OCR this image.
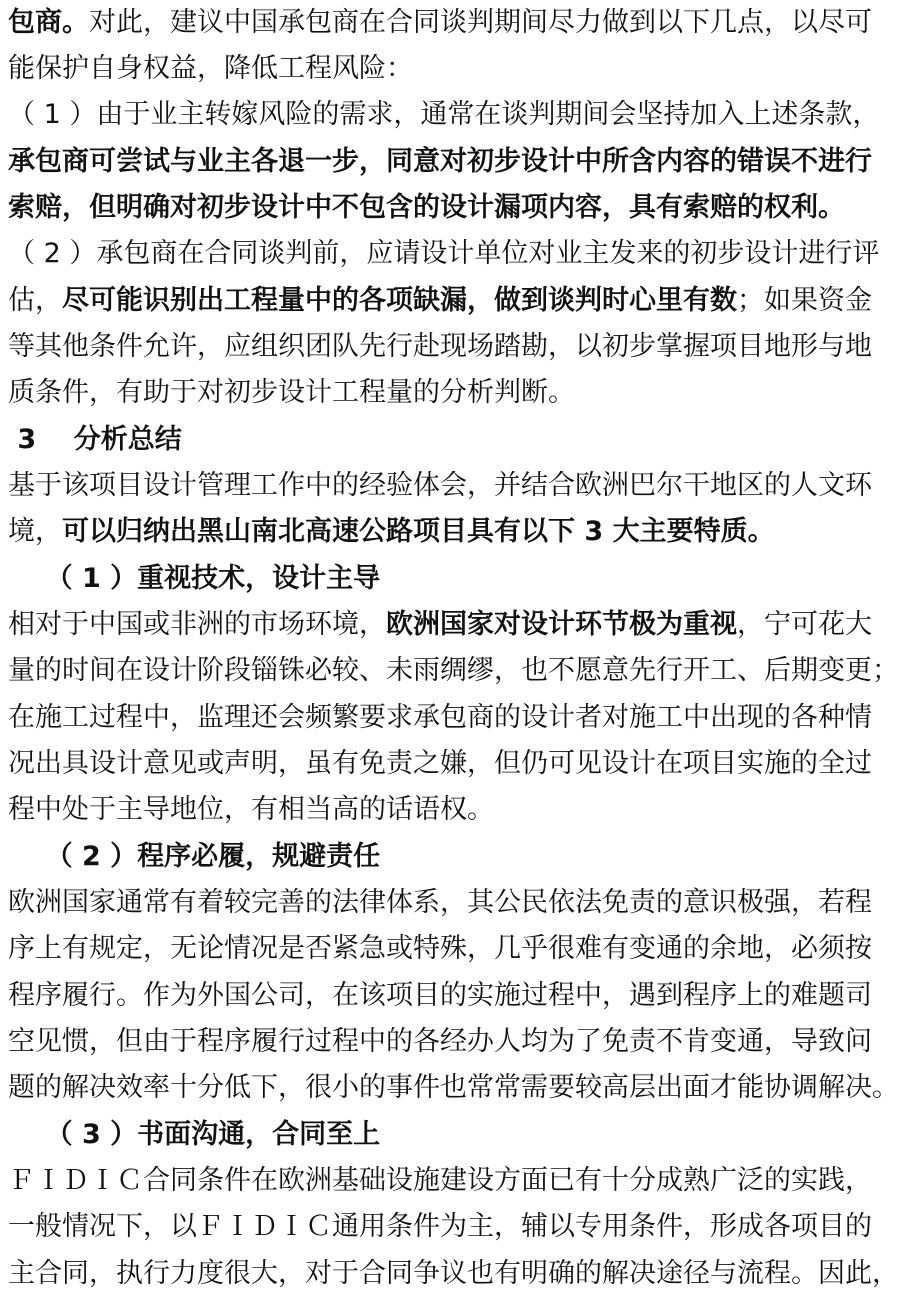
包商。对此，建议中国承包商在合同谈判期间尽力做到以下几点，以尽可
能保护自身权益，降低工程风险：
（ 1 ）由于业主转嫁风险的需求，通常在谈判期间会坚持加入上述条款，
承包商可尝试与业主各退一步，同意对初步设计中所含内容的错误不进行
索赔，但明确对初步设计中不包含的设计漏项内容，具有索赔的权利。
（ 2 ）承包商在合同谈判前，应请设计单位对业主发来的初步设计进行评
估，尽可能识别出工程量中的各项缺漏，做到谈判时心里有数；如果资金
等其他条件允许，应组织团队先行赴现场踏勘，以初步掌握项目地形与地
质条件，有助于对初步设计工程量的分析判断。
3    分析总结
基于该项目设计管理工作中的经验体会，并结合欧洲巴尔干地区的人文环
境，可以归纳出黑山南北高速公路项目具有以下 3 大主要特质。
（ 1 ）重视技术，设计主导
相对于中国或非洲的市场环境，欧洲国家对设计环节极为重视，宁可花大
量的时间在设计阶段锱铢必较、未雨绸缪，也不愿意先行开工、后期变更；
在施工过程中，监理还会频繁要求承包商的设计者对施工中出现的各种情
况出具设计意见或声明，虽有免责之嫌，但仍可见设计在项目实施的全过
程中处于主导地位，有相当高的话语权。
（ 2 ）程序必履，规避责任
欧洲国家通常有着较完善的法律体系，其公民依法免责的意识极强，若程
序上有规定，无论情况是否紧急或特殊，几乎很难有变通的余地，必须按
程序履行。作为外国公司，在该项目的实施过程中，遇到程序上的难题司
空见惯，但由于程序履行过程中的各经办人均为了免责不肯变通，导致问
题的解决效率十分低下，很小的事件也常常需要较高层出面才能协调解决。
（ 3 ）书面沟通，合同至上
ＦＩＤＩＣ合同条件在欧洲基础设施建设方面已有十分成熟广泛的实践，
一般情况下，以ＦＩＤＩＣ通用条件为主，辅以专用条件，形成各项目的
主合同，执行力度很大，对于合同争议也有明确的解决途径与流程。因此，
